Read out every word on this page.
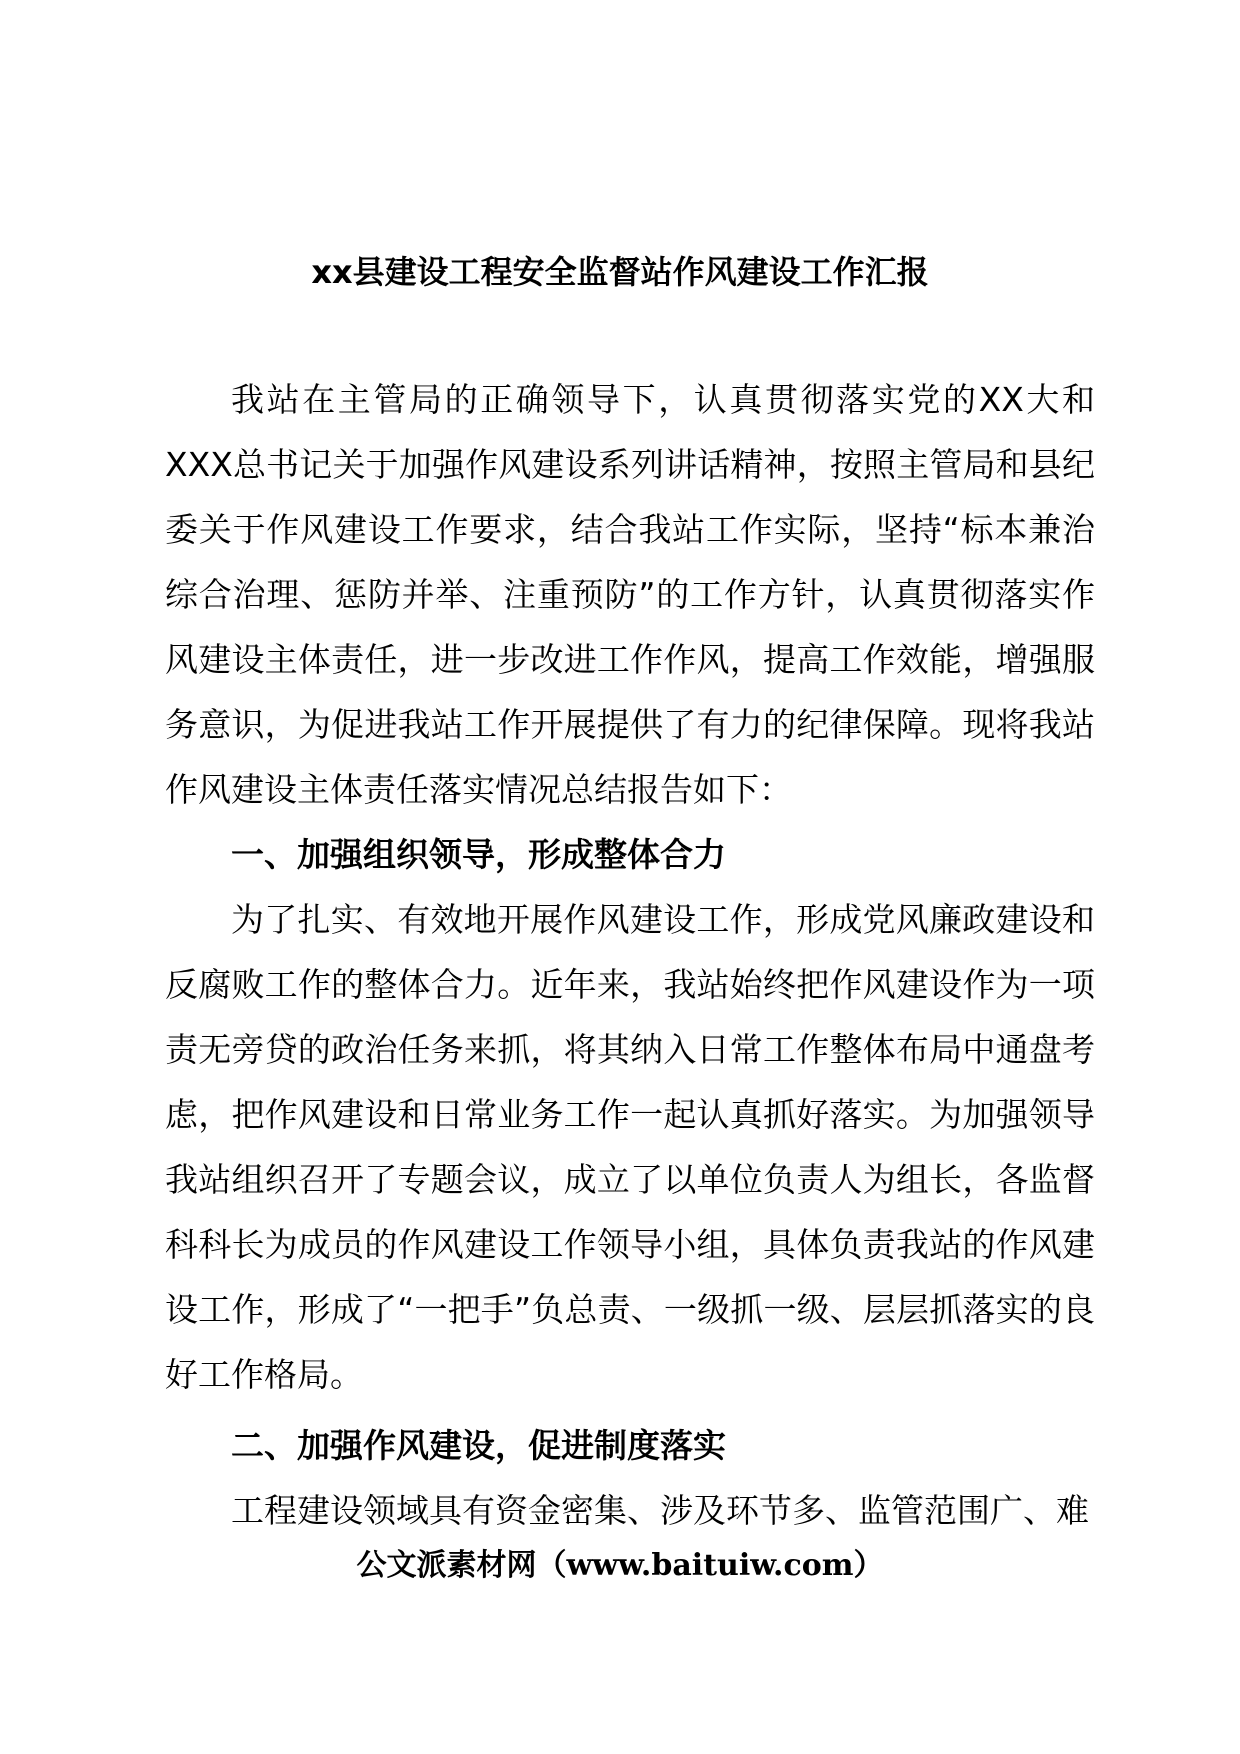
xx县建设工程安全监督站作风建设工作汇报

我站在主管局的正确领导下，认真贯彻落实党的XX大和XXX总书记关于加强作风建设系列讲话精神，按照主管局和县纪委关于作风建设工作要求，结合我站工作实际，坚持“标本兼治综合治理、惩防并举、注重预防”的工作方针，认真贯彻落实作风建设主体责任，进一步改进工作作风，提高工作效能，增强服务意识，为促进我站工作开展提供了有力的纪律保障。现将我站作风建设主体责任落实情况总结报告如下：

一、加强组织领导，形成整体合力

为了扎实、有效地开展作风建设工作，形成党风廉政建设和反腐败工作的整体合力。近年来，我站始终把作风建设作为一项责无旁贷的政治任务来抓，将其纳入日常工作整体布局中通盘考虑，把作风建设和日常业务工作一起认真抓好落实。为加强领导我站组织召开了专题会议，成立了以单位负责人为组长，各监督科科长为成员的作风建设工作领导小组，具体负责我站的作风建设工作，形成了“一把手”负总责、一级抓一级、层层抓落实的良好工作格局。

二、加强作风建设，促进制度落实

工程建设领域具有资金密集、涉及环节多、监管范围广、难

公文派素材网（www.baituiw.com）
